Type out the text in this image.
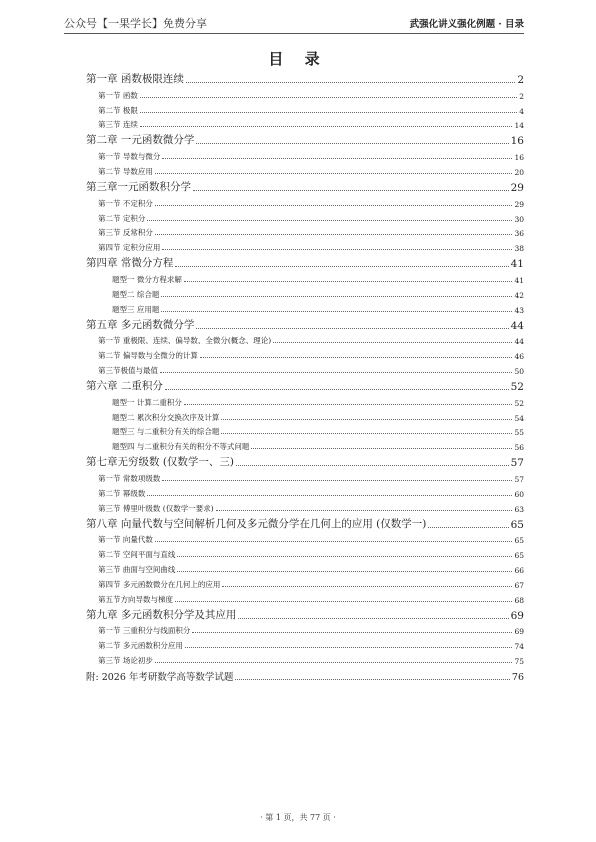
公众号【一果学长】免费分享	武强化讲义强化例题 · 目录
目 录
第一章 函数极限连续	2
第一节 函数	2
第二节 极限	4
第三节 连续	14
第二章 一元函数微分学	16
第一节 导数与微分	16
第二节 导数应用	20
第三章一元函数积分学	29
第一节 不定积分	29
第二节 定积分	30
第三节 反常积分	36
第四节 定积分应用	38
第四章 常微分方程	41
题型一 微分方程求解	41
题型二 综合题	42
题型三 应用题	43
第五章 多元函数微分学	44
第一节 重极限、连续、偏导数、全微分(概念、理论)	44
第二节 偏导数与全微分的计算	46
第三节极值与最值	50
第六章 二重积分	52
题型一 计算二重积分	52
题型二 累次积分交换次序及计算	54
题型三 与二重积分有关的综合题	55
题型四 与二重积分有关的积分不等式问题	56
第七章无穷级数 (仅数学一、三)	57
第一节 常数项级数	57
第二节 幂级数	60
第三节 傅里叶级数 (仅数学一要求)	63
第八章 向量代数与空间解析几何及多元微分学在几何上的应用 (仅数学一)	65
第一节 向量代数	65
第二节 空间平面与直线	65
第三节 曲面与空间曲线	66
第四节 多元函数微分在几何上的应用	67
第五节方向导数与梯度	68
第九章 多元函数积分学及其应用	69
第一节 三重积分与线面积分	69
第二节 多元函数积分应用	74
第三节 场论初步	75
附: 2026 年考研数学高等数学试题	76
· 第 1 页，共 77 页 ·
